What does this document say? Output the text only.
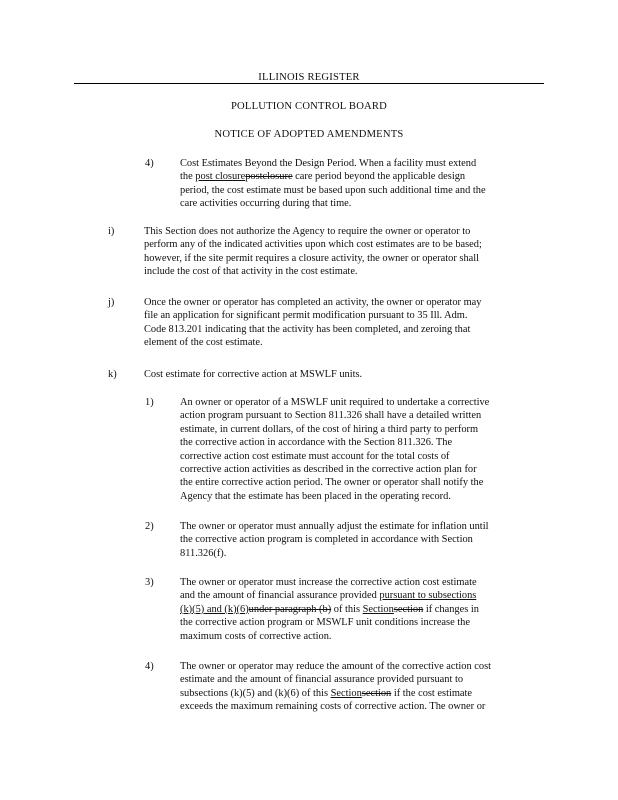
ILLINOIS REGISTER
POLLUTION CONTROL BOARD
NOTICE OF ADOPTED AMENDMENTS
4)	Cost Estimates Beyond the Design Period. When a facility must extend
the post closurepostclosure care period beyond the applicable design
period, the cost estimate must be based upon such additional time and the
care activities occurring during that time.
i)	This Section does not authorize the Agency to require the owner or operator to
perform any of the indicated activities upon which cost estimates are to be based;
however, if the site permit requires a closure activity, the owner or operator shall
include the cost of that activity in the cost estimate.
j)	Once the owner or operator has completed an activity, the owner or operator may
file an application for significant permit modification pursuant to 35 Ill. Adm.
Code 813.201 indicating that the activity has been completed, and zeroing that
element of the cost estimate.
k)	Cost estimate for corrective action at MSWLF units.
1)	An owner or operator of a MSWLF unit required to undertake a corrective
action program pursuant to Section 811.326 shall have a detailed written
estimate, in current dollars, of the cost of hiring a third party to perform
the corrective action in accordance with the Section 811.326. The
corrective action cost estimate must account for the total costs of
corrective action activities as described in the corrective action plan for
the entire corrective action period. The owner or operator shall notify the
Agency that the estimate has been placed in the operating record.
2)	The owner or operator must annually adjust the estimate for inflation until
the corrective action program is completed in accordance with Section
811.326(f).
3)	The owner or operator must increase the corrective action cost estimate
and the amount of financial assurance provided pursuant to subsections
(k)(5) and (k)(6)under paragraph (b) of this Sectionsection if changes in
the corrective action program or MSWLF unit conditions increase the
maximum costs of corrective action.
4)	The owner or operator may reduce the amount of the corrective action cost
estimate and the amount of financial assurance provided pursuant to
subsections (k)(5) and (k)(6) of this Sectionsection if the cost estimate
exceeds the maximum remaining costs of corrective action. The owner or
